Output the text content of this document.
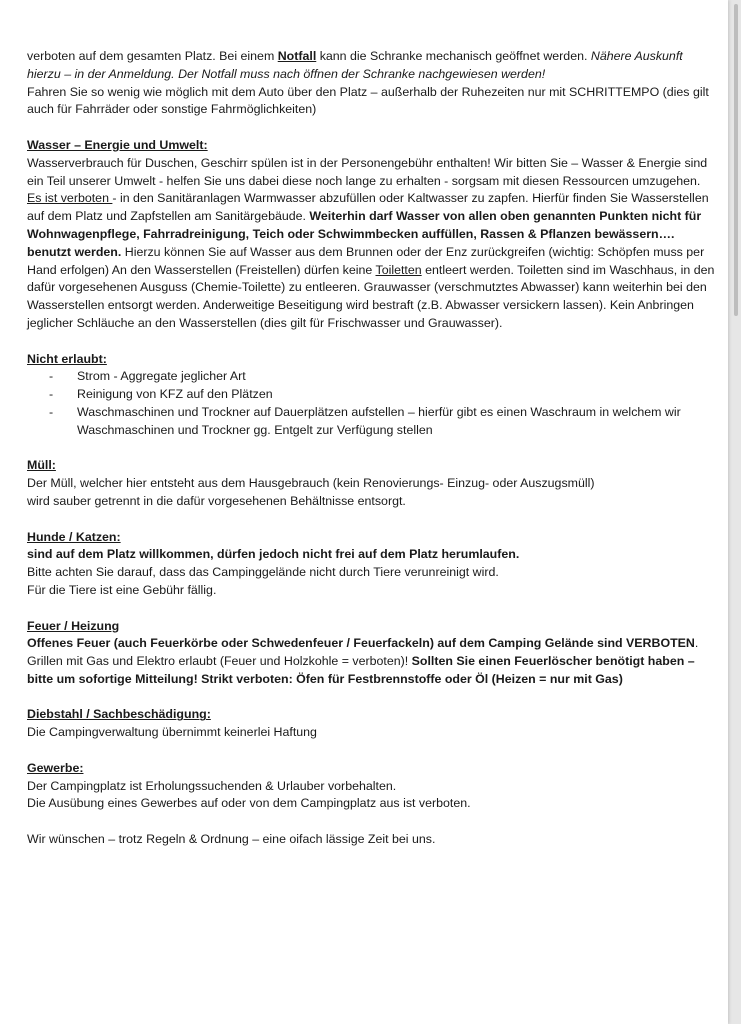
verboten auf dem gesamten Platz. Bei einem Notfall kann die Schranke mechanisch geöffnet werden. Nähere Auskunft hierzu – in der Anmeldung. Der Notfall muss nach öffnen der Schranke nachgewiesen werden!

Fahren Sie so wenig wie möglich mit dem Auto über den Platz – außerhalb der Ruhezeiten nur mit SCHRITTEMPO (dies gilt auch für Fahrräder oder sonstige Fahrmöglichkeiten)

Wasser – Energie und Umwelt:

Wasserverbrauch für Duschen, Geschirr spülen ist in der Personengebühr enthalten! Wir bitten Sie – Wasser & Energie sind ein Teil unserer Umwelt - helfen Sie uns dabei diese noch lange zu erhalten - sorgsam mit diesen Ressourcen umzugehen.

Es ist verboten - in den Sanitäranlagen Warmwasser abzufüllen oder Kaltwasser zu zapfen. Hierfür finden Sie Wasserstellen auf dem Platz und Zapfstellen am Sanitärgebäude. Weiterhin darf Wasser von allen oben genannten Punkten nicht für Wohnwagenpflege, Fahrradreinigung, Teich oder Schwimmbecken auffüllen, Rassen & Pflanzen bewässern…. benutzt werden. Hierzu können Sie auf Wasser aus dem Brunnen oder der Enz zurückgreifen (wichtig: Schöpfen muss per Hand erfolgen) An den Wasserstellen (Freistellen) dürfen keine Toiletten entleert werden. Toiletten sind im Waschhaus, in den dafür vorgesehenen Ausguss (Chemie-Toilette) zu entleeren. Grauwasser (verschmutztes Abwasser) kann weiterhin bei den Wasserstellen entsorgt werden. Anderweitige Beseitigung wird bestraft (z.B. Abwasser versickern lassen). Kein Anbringen jeglicher Schläuche an den Wasserstellen (dies gilt für Frischwasser und Grauwasser).

Nicht erlaubt:

- Strom - Aggregate jeglicher Art
- Reinigung von KFZ auf den Plätzen
- Waschmaschinen und Trockner auf Dauerplätzen aufstellen – hierfür gibt es einen Waschraum in welchem wir Waschmaschinen und Trockner gg. Entgelt zur Verfügung stellen

Müll:

Der Müll, welcher hier entsteht aus dem Hausgebrauch (kein Renovierungs- Einzug- oder Auszugsmüll)

wird sauber getrennt in die dafür vorgesehenen Behältnisse entsorgt.

Hunde / Katzen:

sind auf dem Platz willkommen, dürfen jedoch nicht frei auf dem Platz herumlaufen.

Bitte achten Sie darauf, dass das Campinggelände nicht durch Tiere verunreinigt wird.

Für die Tiere ist eine Gebühr fällig.

Feuer / Heizung

Offenes Feuer (auch Feuerkörbe oder Schwedenfeuer / Feuerfackeln) auf dem Camping Gelände sind VERBOTEN. Grillen mit Gas und Elektro erlaubt (Feuer und Holzkohle = verboten)! Sollten Sie einen Feuerlöscher benötigt haben – bitte um sofortige Mitteilung! Strikt verboten: Öfen für Festbrennstoffe oder Öl (Heizen = nur mit Gas)

Diebstahl / Sachbeschädigung:

Die Campingverwaltung übernimmt keinerlei Haftung

Gewerbe:

Der Campingplatz ist Erholungssuchenden & Urlauber vorbehalten.

Die Ausübung eines Gewerbes auf oder von dem Campingplatz aus ist verboten.

Wir wünschen – trotz Regeln & Ordnung – eine oifach lässige Zeit bei uns.
